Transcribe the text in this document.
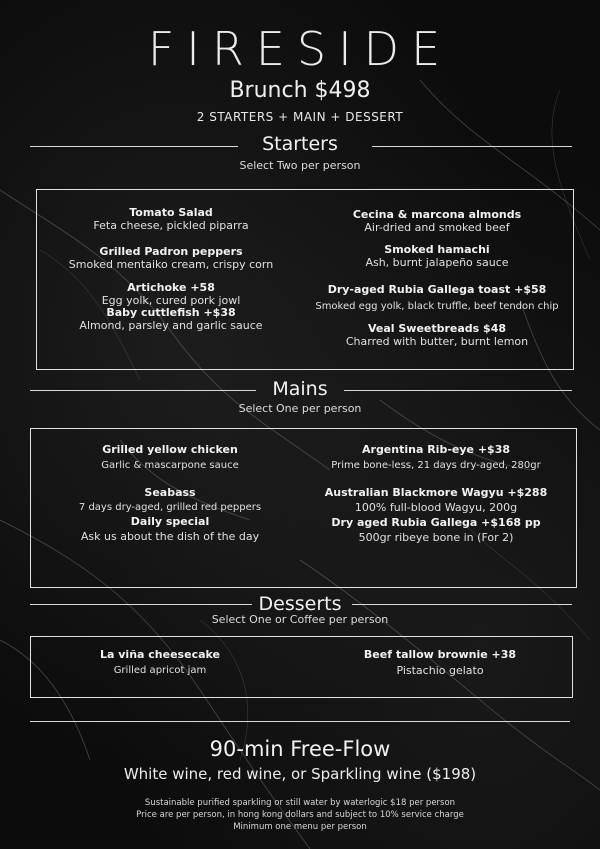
FIRESIDE
Brunch $498
2 STARTERS + MAIN + DESSERT
Starters
Select Two per person
Tomato Salad
Feta cheese, pickled piparra
Grilled Padron peppers
Smoked mentaiko cream, crispy corn
Artichoke +58
Egg yolk, cured pork jowl
Baby cuttlefish +$38
Almond, parsley and garlic sauce
Cecina & marcona almonds
Air-dried and smoked beef
Smoked hamachi
Ash, burnt jalapeño sauce
Dry-aged Rubia Gallega toast +$58
Smoked egg yolk, black truffle, beef tendon chip
Veal Sweetbreads $48
Charred with butter, burnt lemon
Mains
Select One per person
Grilled yellow chicken
Garlic & mascarpone sauce
Seabass
7 days dry-aged, grilled red peppers
Daily special
Ask us about the dish of the day
Argentina Rib-eye +$38
Prime bone-less, 21 days dry-aged, 280gr
Australian Blackmore Wagyu +$288
100% full-blood Wagyu, 200g
Dry aged Rubia Gallega +$168 pp
500gr ribeye bone in (For 2)
Desserts
Select One or Coffee per person
La viña cheesecake
Grilled apricot jam
Beef tallow brownie +38
Pistachio gelato
90-min Free-Flow
White wine, red wine, or Sparkling wine ($198)
Sustainable purified sparkling or still water by waterlogic $18 per person
Price are per person, in hong kong dollars and subject to 10% service charge
Minimum one menu per person
